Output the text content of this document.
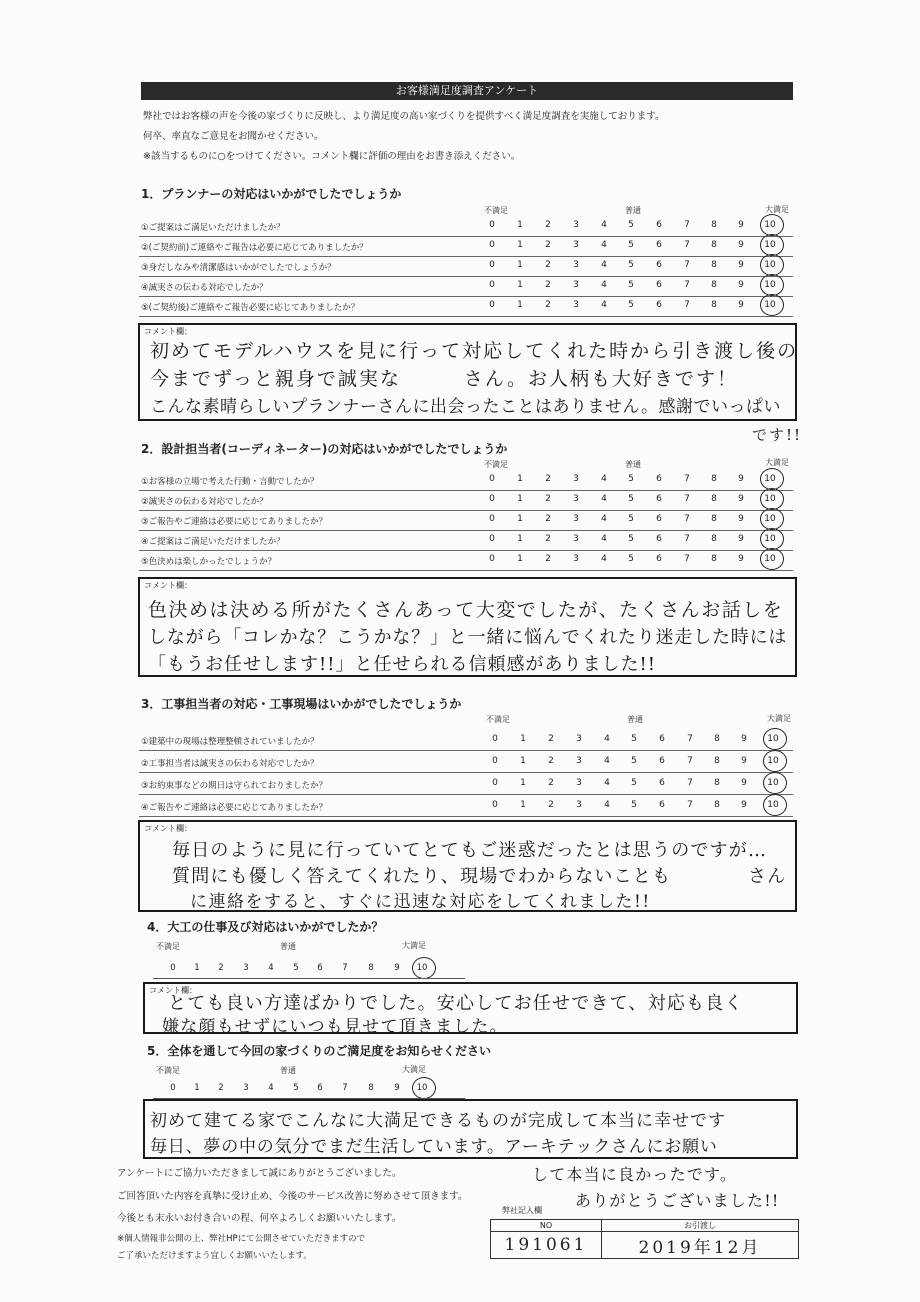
お客様満足度調査アンケート
弊社ではお客様の声を今後の家づくりに反映し、より満足度の高い家づくりを提供すべく満足度調査を実施しております。
何卒、率直なご意見をお聞かせください。
※該当するものに○をつけてください。コメント欄に評価の理由をお書き添えください。
1．プランナーの対応はいかがでしたでしょうか
不満足	普通	大満足
①ご提案はご満足いただけましたか？	0	1	2	3	4	5	6	7	8	9	10
②(ご契約前)ご連絡やご報告は必要に応じてありましたか？	0	1	2	3	4	5	6	7	8	9	10
③身だしなみや清潔感はいかがでしたでしょうか？	0	1	2	3	4	5	6	7	8	9	10
④誠実さの伝わる対応でしたか？	0	1	2	3	4	5	6	7	8	9	10
⑤(ご契約後)ご連絡やご報告必要に応じてありましたか？	0	1	2	3	4	5	6	7	8	9	10
コメント欄：
初めてモデルハウスを見に行って対応してくれた時から引き渡し後の
今までずっと親身で誠実な　　　さん。お人柄も大好きです！
こんな素晴らしいプランナーさんに出会ったことはありません。感謝でいっぱい
です!!
2．設計担当者(コーディネーター)の対応はいかがでしたでしょうか
不満足	普通	大満足
①お客様の立場で考えた行動・言動でしたか？	0	1	2	3	4	5	6	7	8	9	10
②誠実さの伝わる対応でしたか？	0	1	2	3	4	5	6	7	8	9	10
③ご報告やご連絡は必要に応じてありましたか？	0	1	2	3	4	5	6	7	8	9	10
④ご提案はご満足いただけましたか？	0	1	2	3	4	5	6	7	8	9	10
⑤色決めは楽しかったでしょうか？	0	1	2	3	4	5	6	7	8	9	10
コメント欄：
色決めは決める所がたくさんあって大変でしたが、たくさんお話しを
しながら「コレかな？こうかな？」と一緒に悩んでくれたり迷走した時には
「もうお任せします!!」と任せられる信頼感がありました!!
3．工事担当者の対応・工事現場はいかがでしたでしょうか
不満足	普通	大満足
①建築中の現場は整理整頓されていましたか？	0	1	2	3	4	5	6	7	8	9	10
②工事担当者は誠実さの伝わる対応でしたか？	0	1	2	3	4	5	6	7	8	9	10
③お約束事などの期日は守られておりましたか？	0	1	2	3	4	5	6	7	8	9	10
④ご報告やご連絡は必要に応じてありましたか？	0	1	2	3	4	5	6	7	8	9	10
コメント欄：
毎日のように見に行っていてとてもご迷惑だったとは思うのですが…
質問にも優しく答えてくれたり、現場でわからないことも　　　　さん
に連絡をすると、すぐに迅速な対応をしてくれました!!
4．大工の仕事及び対応はいかがでしたか？
不満足	普通	大満足
0	1	2	3	4	5	6	7	8	9	10
コメント欄：
とても良い方達ばかりでした。安心してお任せできて、対応も良く
嫌な顔もせずにいつも見せて頂きました。
5．全体を通して今回の家づくりのご満足度をお知らせください
不満足	普通	大満足
0	1	2	3	4	5	6	7	8	9	10
初めて建てる家でこんなに大満足できるものが完成して本当に幸せです
毎日、夢の中の気分でまだ生活しています。アーキテックさんにお願い
して本当に良かったです。
ありがとうございました!!
アンケートにご協力いただきまして誠にありがとうございました。
ご回答頂いた内容を真摯に受け止め、今後のサービス改善に努めさせて頂きます。
今後とも末永いお付き合いの程、何卒よろしくお願いいたします。
※個人情報非公開の上、弊社HPにて公開させていただきますので
ご了承いただけますよう宜しくお願いいたします。
弊社記入欄
NO	お引渡し
191061	2019年12月
